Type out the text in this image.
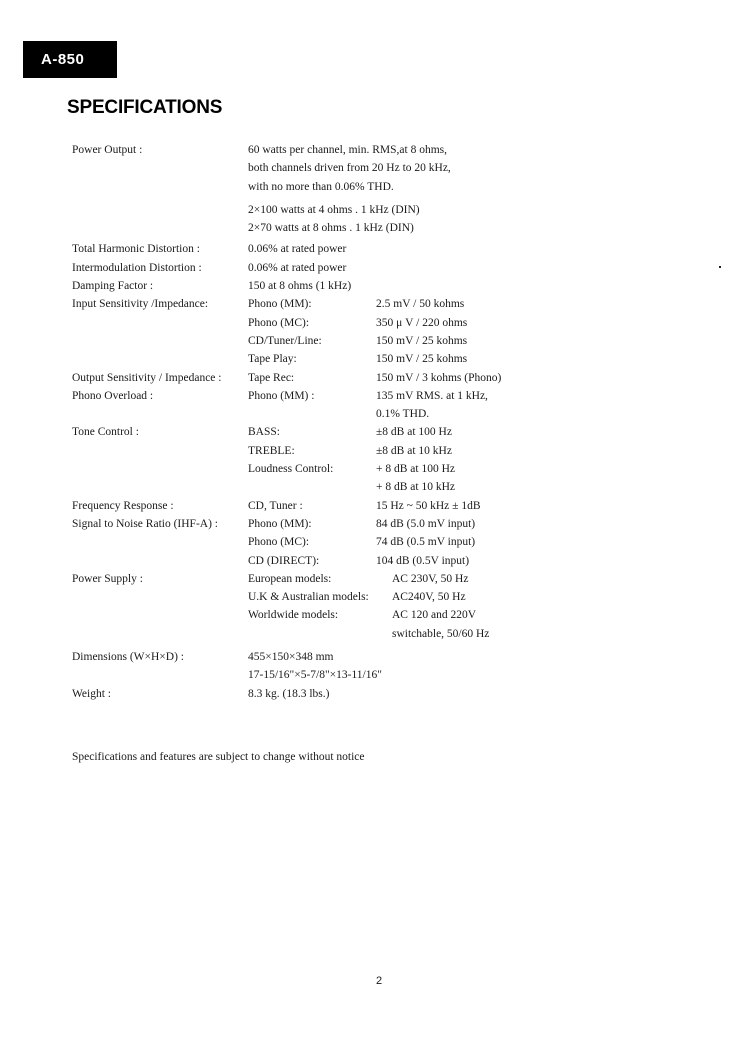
A-850
SPECIFICATIONS
Power Output :	60 watts per channel, min. RMS,at 8 ohms,
both channels driven from 20 Hz to 20 kHz,
with no more than 0.06% THD.
2×100 watts at 4 ohms . 1 kHz (DIN)
2×70 watts at 8 ohms . 1 kHz (DIN)
Total Harmonic Distortion :	0.06% at rated power
Intermodulation Distortion :	0.06% at rated power
Damping Factor :	150 at 8 ohms (1 kHz)
Input Sensitivity /Impedance:	Phono (MM):	2.5 mV / 50 kohms
Phono (MC):	350 μ V / 220 ohms
CD/Tuner/Line:	150 mV / 25 kohms
Tape Play:	150 mV / 25 kohms
Output Sensitivity / Impedance : Tape Rec:	150 mV / 3 kohms (Phono)
Phono Overload :	Phono (MM) :	135 mV RMS. at 1 kHz,
0.1% THD.
Tone Control :	BASS:	±8 dB at 100 Hz
TREBLE:	±8 dB at 10 kHz
Loudness Control:	+ 8 dB at 100 Hz
+ 8 dB at 10 kHz
Frequency Response :	CD, Tuner :	15 Hz ~ 50 kHz ± 1dB
Signal to Noise Ratio (IHF-A) :	Phono (MM):	84 dB (5.0 mV input)
Phono (MC):	74 dB (0.5 mV input)
CD (DIRECT):	104 dB (0.5V input)
Power Supply :	European models:	AC 230V, 50 Hz
U.K & Australian models: AC240V, 50 Hz
Worldwide models:	AC 120 and 220V
switchable, 50/60 Hz
Dimensions (W×H×D) :	455×150×348 mm
17-15/16"×5-7/8"×13-11/16"
Weight :	8.3 kg. (18.3 lbs.)
Specifications and features are subject to change without notice
2
